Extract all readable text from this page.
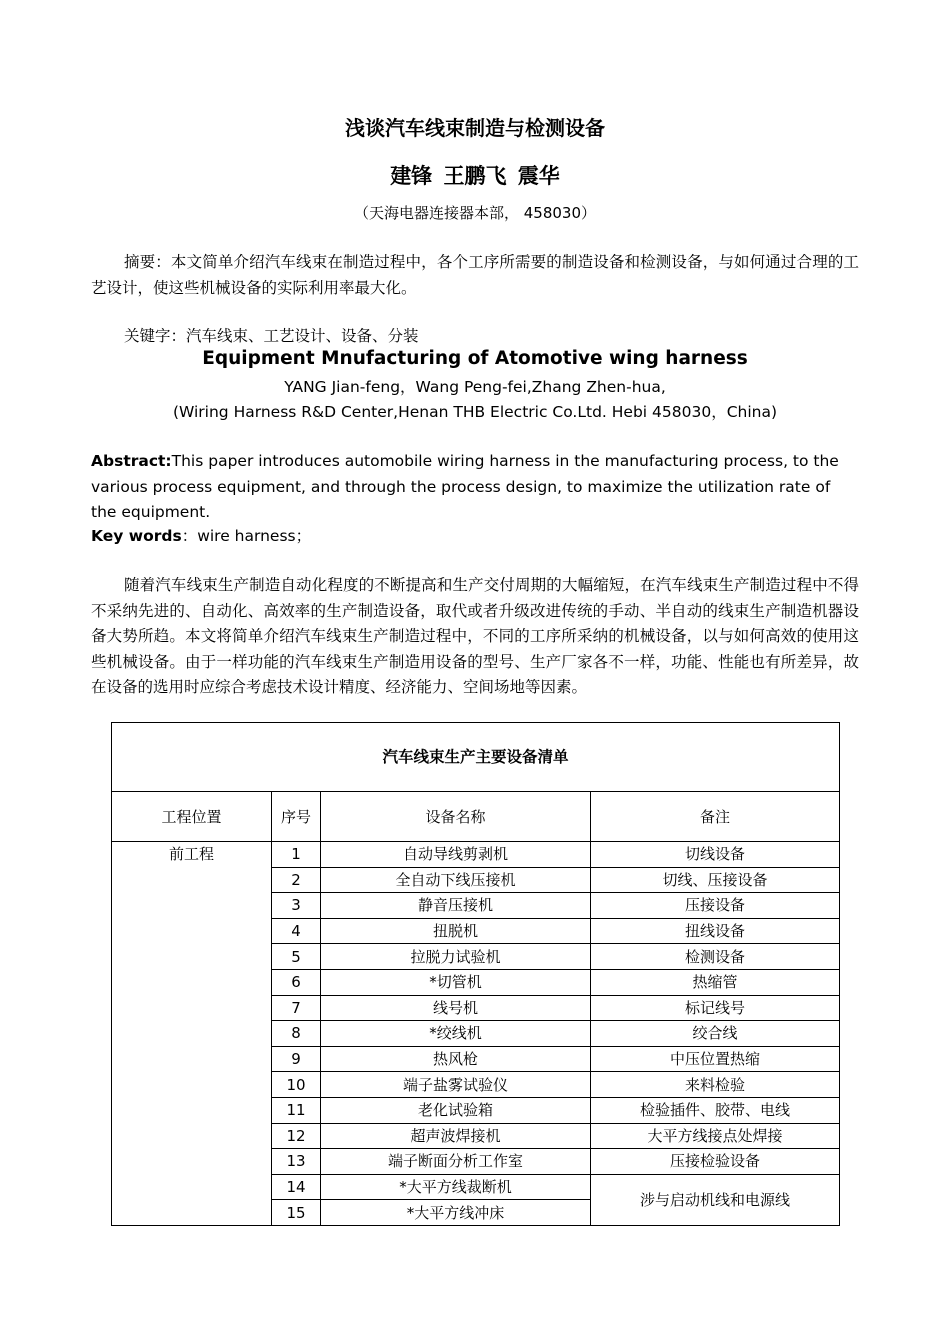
浅谈汽车线束制造与检测设备
建锋 王鹏飞 震华
（天海电器连接器本部， 458030）
摘要：本文简单介绍汽车线束在制造过程中，各个工序所需要的制造设备和检测设备，与如何通过合理的工艺设计，使这些机械设备的实际利用率最大化。
关键字：汽车线束、工艺设计、设备、分装
Equipment Mnufacturing of Atomotive wing harness
YANG Jian-feng，Wang Peng-fei,Zhang Zhen-hua,
(Wiring Harness R&D Center,Henan THB Electric Co.Ltd. Hebi 458030，China)
Abstract:This paper introduces automobile wiring harness in the manufacturing process, to the various process equipment, and through the process design, to maximize the utilization rate of the equipment.
Key words：wire harness；
随着汽车线束生产制造自动化程度的不断提高和生产交付周期的大幅缩短，在汽车线束生产制造过程中不得不采纳先进的、自动化、高效率的生产制造设备，取代或者升级改进传统的手动、半自动的线束生产制造机器设备大势所趋。本文将简单介绍汽车线束生产制造过程中，不同的工序所采纳的机械设备，以与如何高效的使用这些机械设备。由于一样功能的汽车线束生产制造用设备的型号、生产厂家各不一样，功能、性能也有所差异，故在设备的选用时应综合考虑技术设计精度、经济能力、空间场地等因素。
汽车线束生产主要设备清单			
工程位置	序号	设备名称	备注
前工程	1	自动导线剪剥机	切线设备
	2	全自动下线压接机	切线、压接设备
	3	静音压接机	压接设备
	4	扭脱机	扭线设备
	5	拉脱力试验机	检测设备
	6	*切管机	热缩管
	7	线号机	标记线号
	8	*绞线机	绞合线
	9	热风枪	中压位置热缩
	10	端子盐雾试验仪	来料检验
	11	老化试验箱	检验插件、胶带、电线
	12	超声波焊接机	大平方线接点处焊接
	13	端子断面分析工作室	压接检验设备
	14	*大平方线裁断机	涉与启动机线和电源线
	15	*大平方线冲床	
